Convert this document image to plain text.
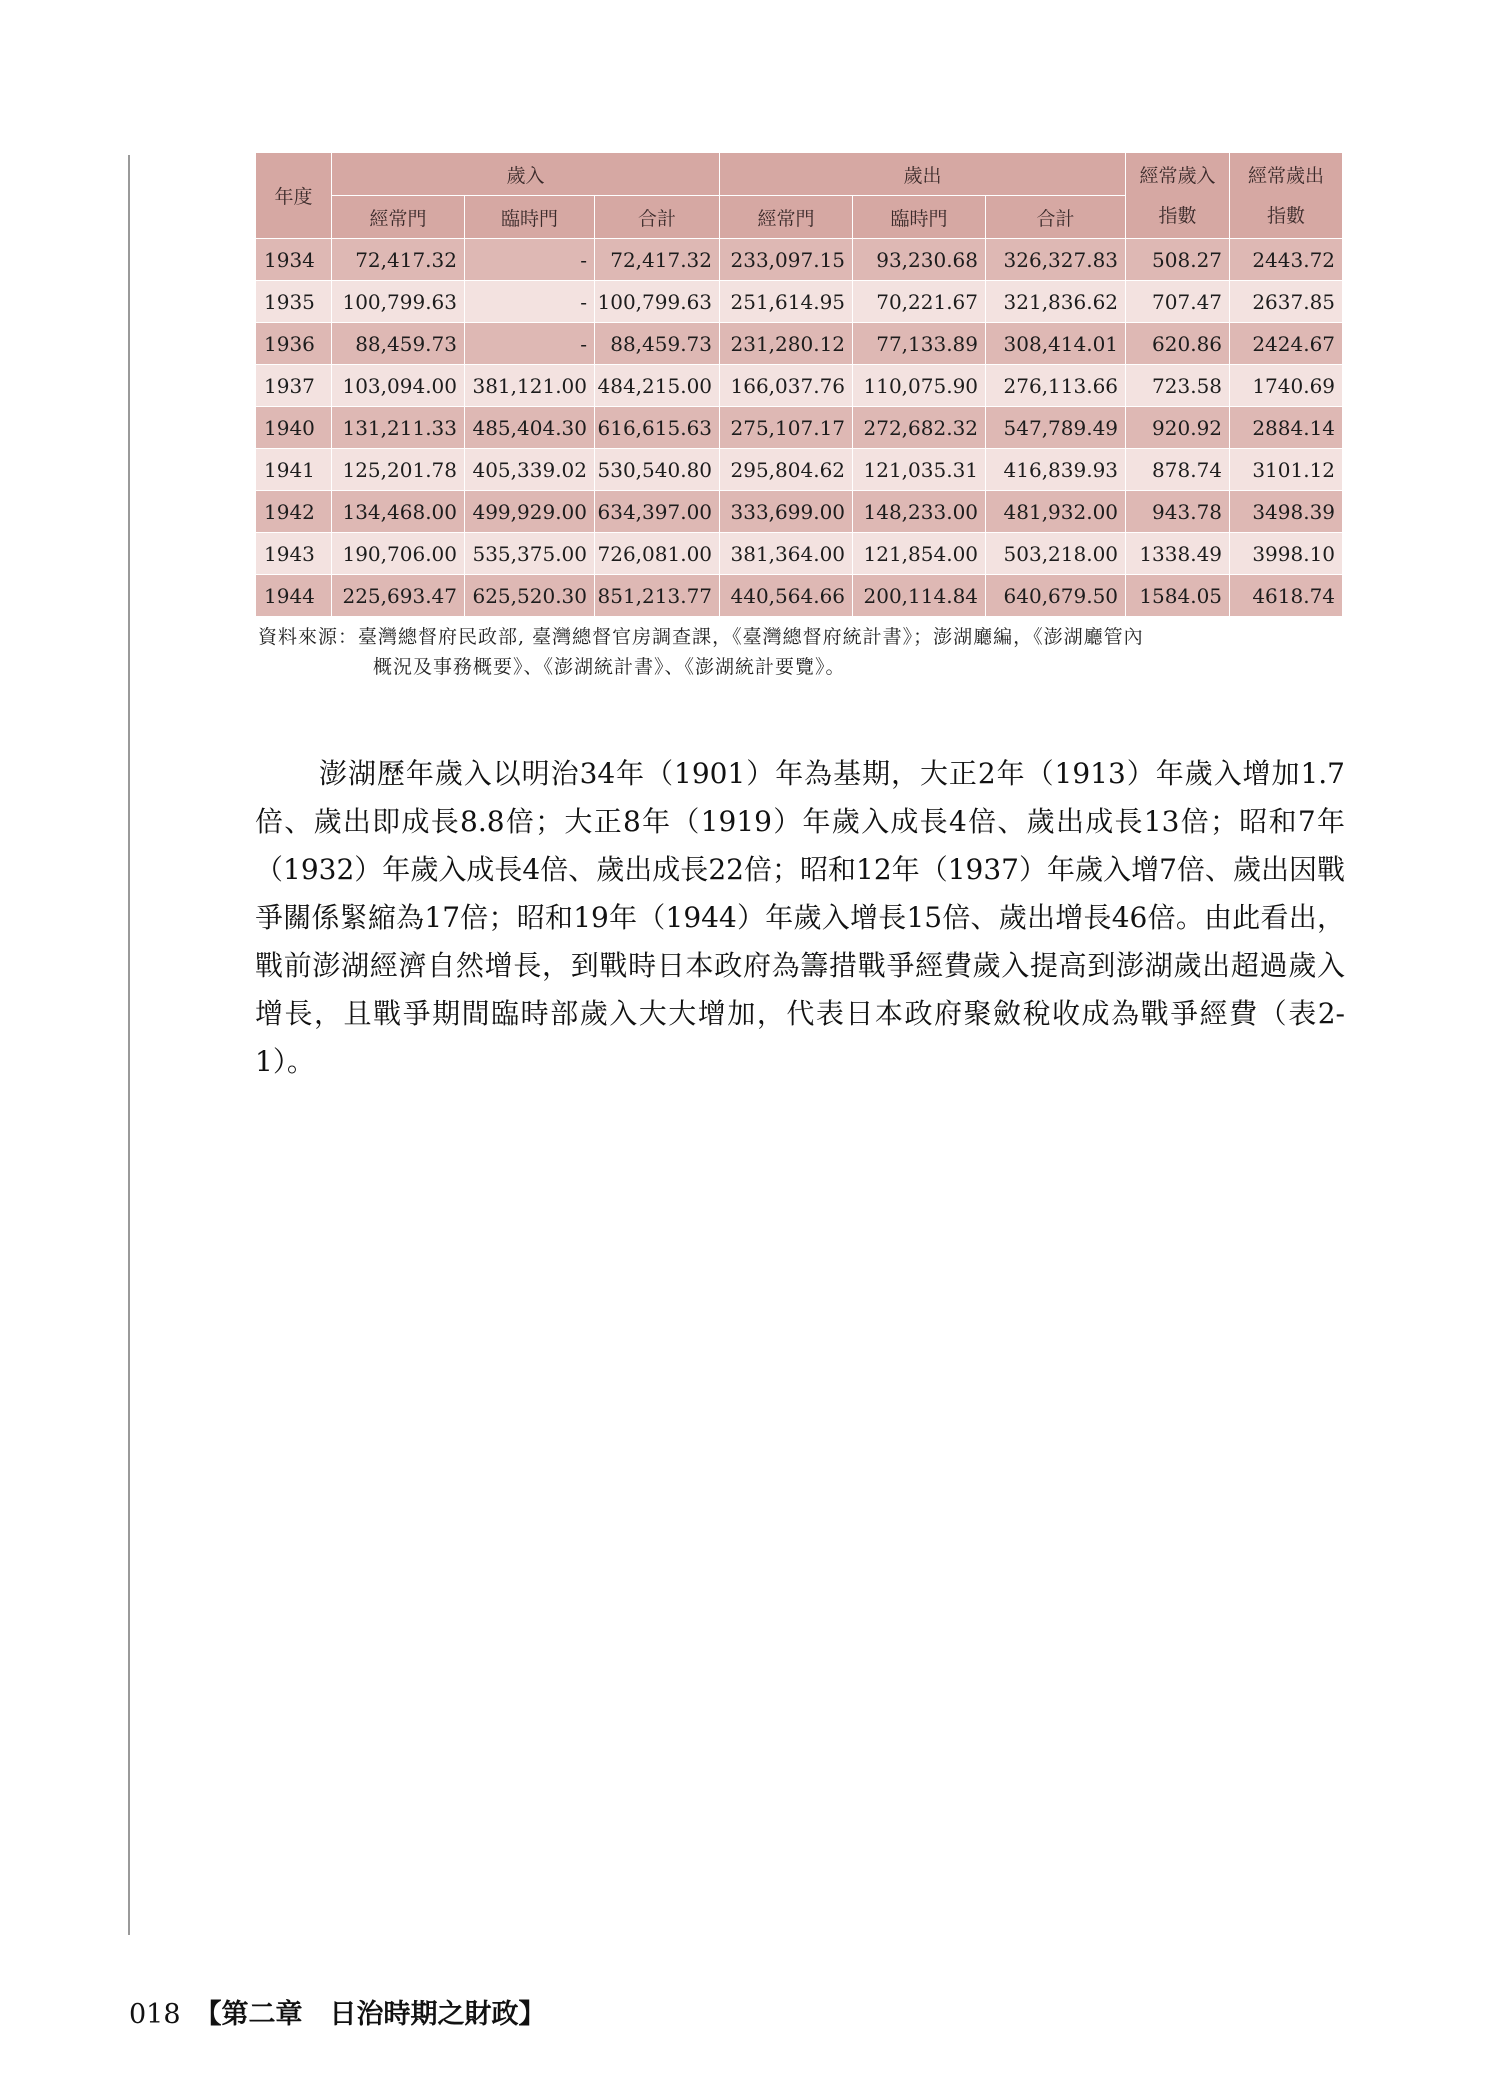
年度	歲入			歲出			經常歲入指數	經常歲出指數
	經常門	臨時門	合計	經常門	臨時門	合計		
1934	72,417.32	-	72,417.32	233,097.15	93,230.68	326,327.83	508.27	2443.72
1935	100,799.63	-	100,799.63	251,614.95	70,221.67	321,836.62	707.47	2637.85
1936	88,459.73	-	88,459.73	231,280.12	77,133.89	308,414.01	620.86	2424.67
1937	103,094.00	381,121.00	484,215.00	166,037.76	110,075.90	276,113.66	723.58	1740.69
1940	131,211.33	485,404.30	616,615.63	275,107.17	272,682.32	547,789.49	920.92	2884.14
1941	125,201.78	405,339.02	530,540.80	295,804.62	121,035.31	416,839.93	878.74	3101.12
1942	134,468.00	499,929.00	634,397.00	333,699.00	148,233.00	481,932.00	943.78	3498.39
1943	190,706.00	535,375.00	726,081.00	381,364.00	121,854.00	503,218.00	1338.49	3998.10
1944	225,693.47	625,520.30	851,213.77	440,564.66	200,114.84	640,679.50	1584.05	4618.74
資料來源：臺灣總督府民政部, 臺灣總督官房調查課，《臺灣總督府統計書》；澎湖廳編，《澎湖廳管內
概況及事務概要》、《澎湖統計書》、《澎湖統計要覽》。

澎湖歷年歲入以明治34年（1901）年為基期，大正2年（1913）年歲入增加1.7倍、歲出即成長8.8倍；大正8年（1919）年歲入成長4倍、歲出成長13倍；昭和7年（1932）年歲入成長4倍、歲出成長22倍；昭和12年（1937）年歲入增7倍、歲出因戰爭關係緊縮為17倍；昭和19年（1944）年歲入增長15倍、歲出增長46倍。由此看出，戰前澎湖經濟自然增長，到戰時日本政府為籌措戰爭經費歲入提高到澎湖歲出超過歲入增長，且戰爭期間臨時部歲入大大增加，代表日本政府聚斂稅收成為戰爭經費（表2-1）。

018 【第二章　日治時期之財政】
